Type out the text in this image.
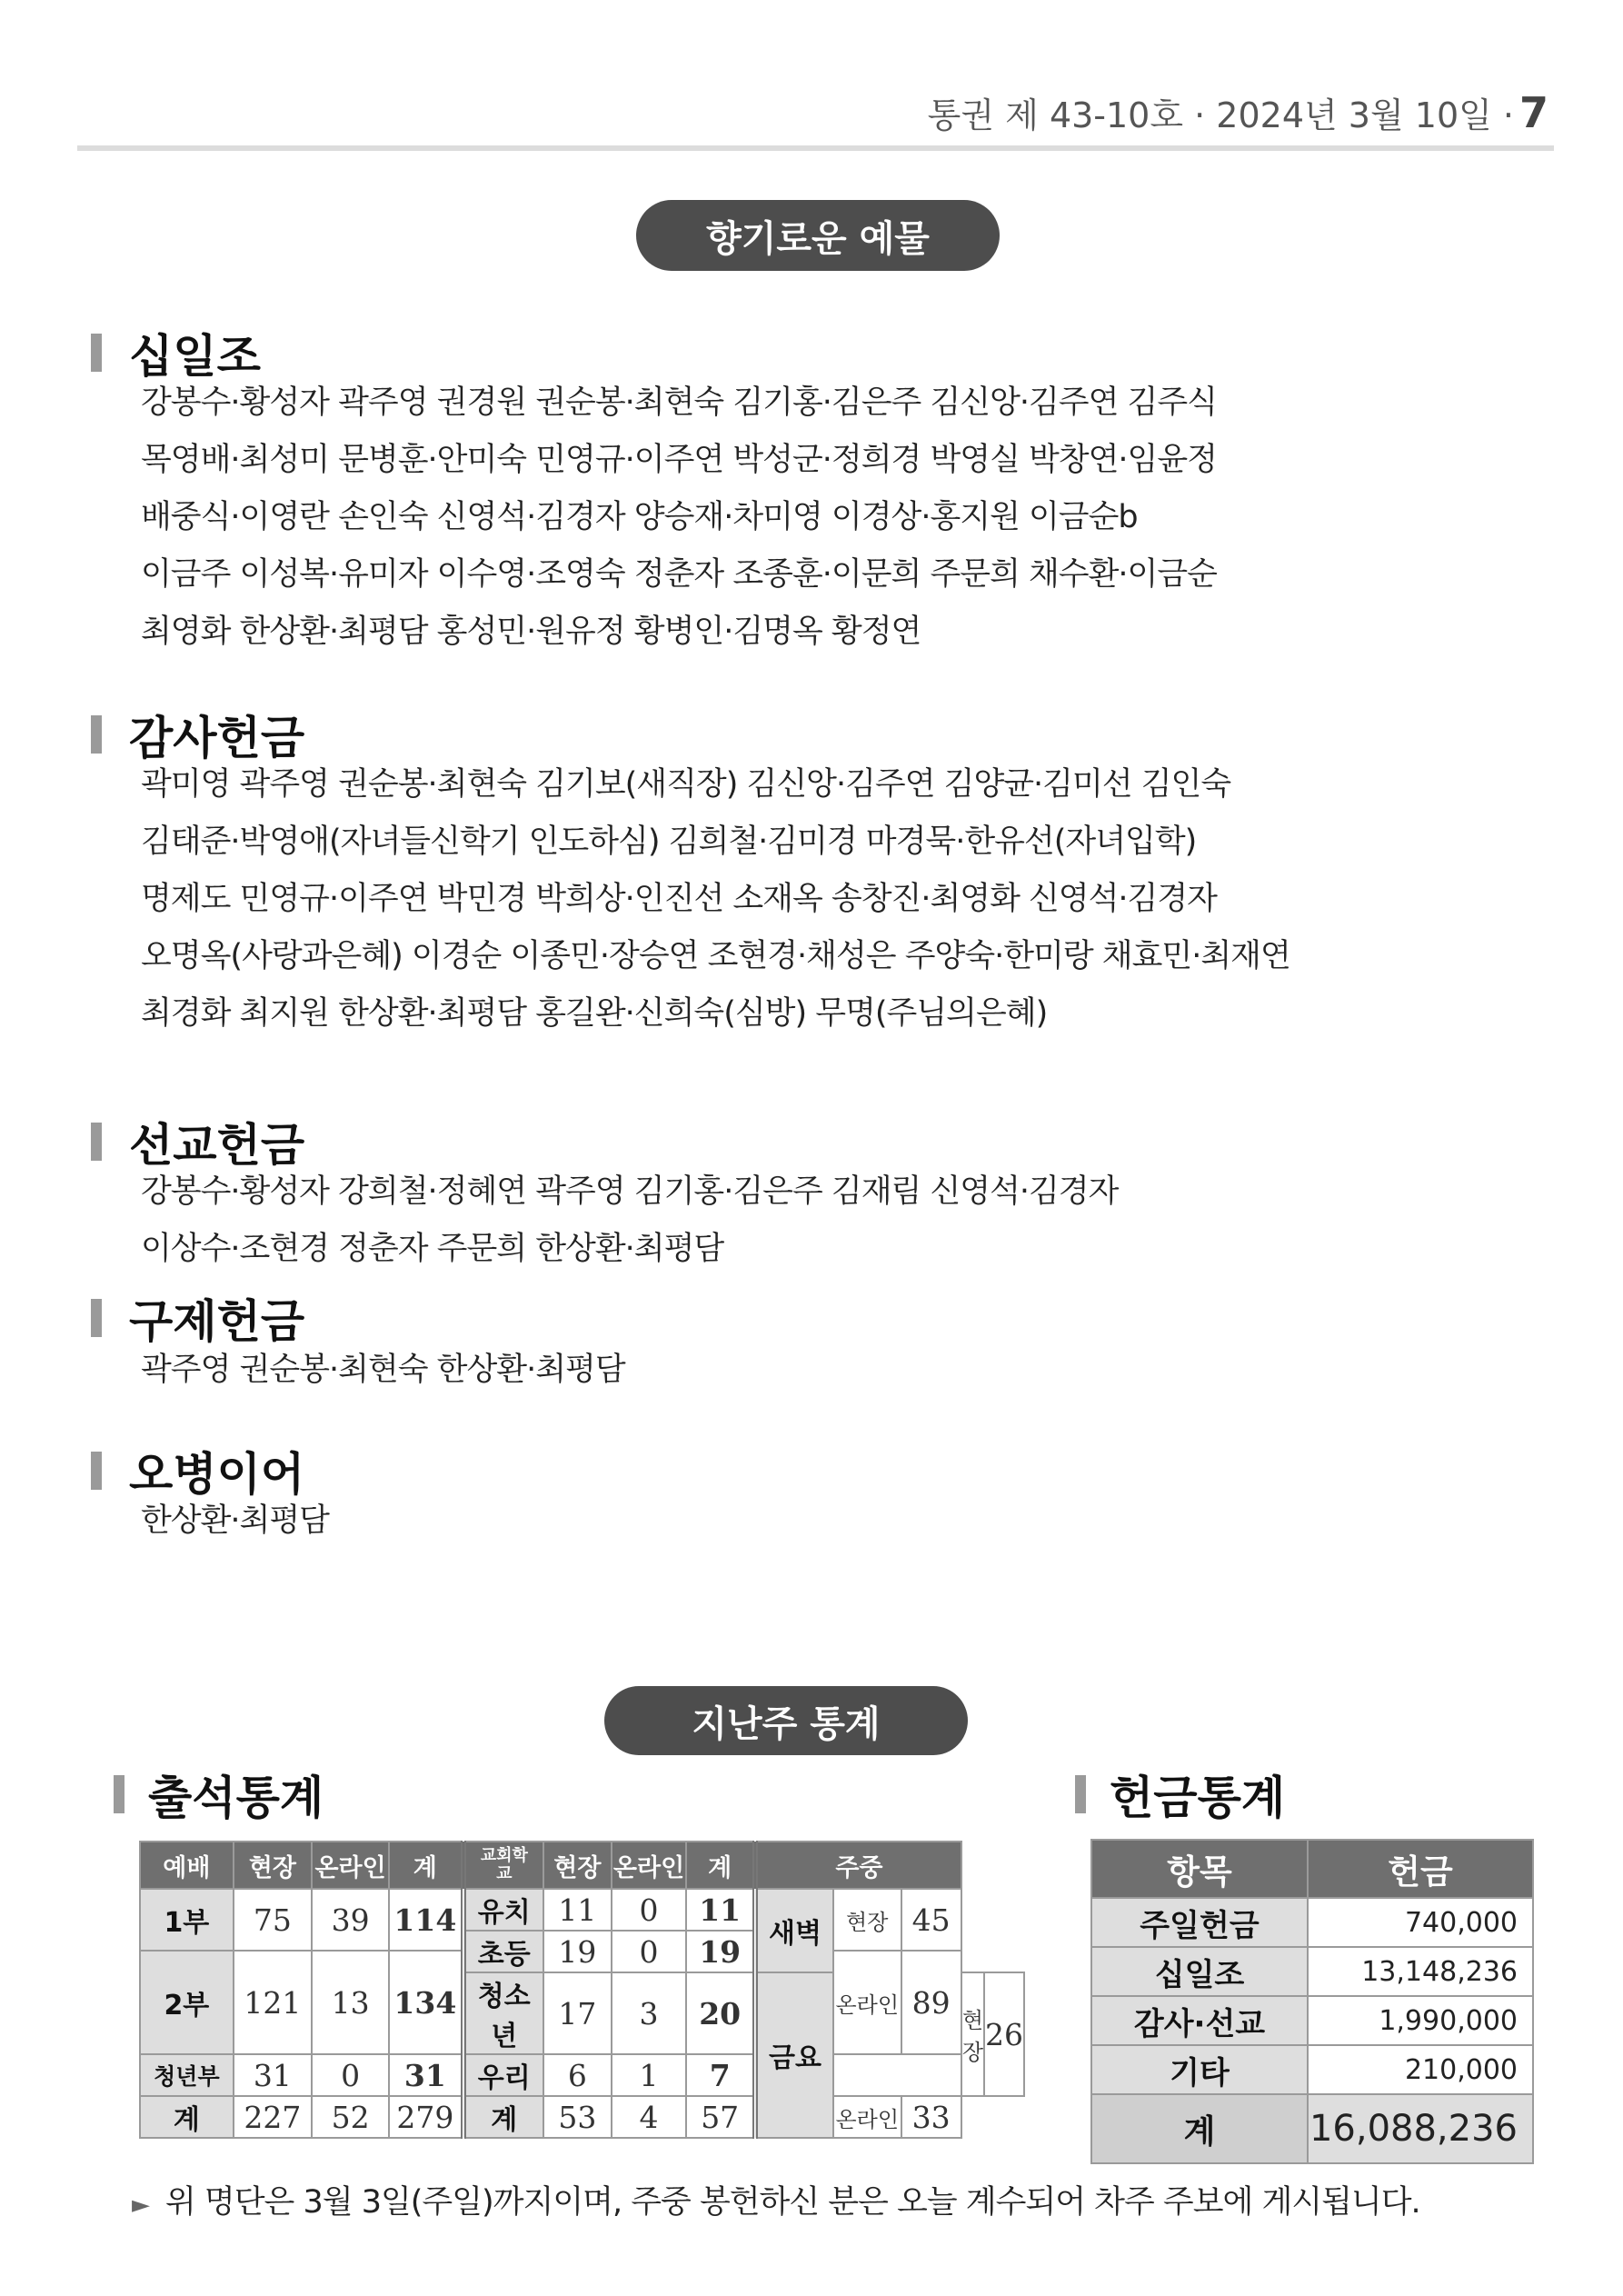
통권 제 43-10호 · 2024년 3월 10일 · 7
향기로운 예물
십일조
강봉수·황성자 곽주영 권경원 권순봉·최현숙 김기홍·김은주 김신앙·김주연 김주식
목영배·최성미 문병훈·안미숙 민영규·이주연 박성군·정희경 박영실 박창연·임윤정
배중식·이영란 손인숙 신영석·김경자 양승재·차미영 이경상·홍지원 이금순b
이금주 이성복·유미자 이수영·조영숙 정춘자 조종훈·이문희 주문희 채수환·이금순
최영화 한상환·최평담 홍성민·원유정 황병인·김명옥 황정연
감사헌금
곽미영 곽주영 권순봉·최현숙 김기보(새직장) 김신앙·김주연 김양균·김미선 김인숙
김태준·박영애(자녀들신학기 인도하심) 김희철·김미경 마경묵·한유선(자녀입학)
명제도 민영규·이주연 박민경 박희상·인진선 소재옥 송창진·최영화 신영석·김경자
오명옥(사랑과은혜) 이경순 이종민·장승연 조현경·채성은 주양숙·한미랑 채효민·최재연
최경화 최지원 한상환·최평담 홍길완·신희숙(심방) 무명(주님의은혜)
선교헌금
강봉수·황성자 강희철·정혜연 곽주영 김기홍·김은주 김재림 신영석·김경자
이상수·조현경 정춘자 주문희 한상환·최평담
구제헌금
곽주영 권순봉·최현숙 한상환·최평담
오병이어
한상환·최평담
지난주 통계
출석통계	헌금통계
예배	현장	온라인	계	교회학교	현장	온라인	계	주중				
1부	75	39	114	유치	11	0	11	새벽	현장	45		
				초등	19	0	19					
2부	121	13	134						온라인	89		
				청소년	17	3	20	금요			현장	26
청년부	31	0	31	우리	6	1	7					
계	227	52	279	계	53	4	57		온라인	33		
항목	헌금
주일헌금	740,000
십일조	13,148,236
감사·선교	1,990,000
기타	210,000
계	16,088,236
► 위 명단은 3월 3일(주일)까지이며, 주중 봉헌하신 분은 오늘 계수되어 차주 주보에 게시됩니다.
